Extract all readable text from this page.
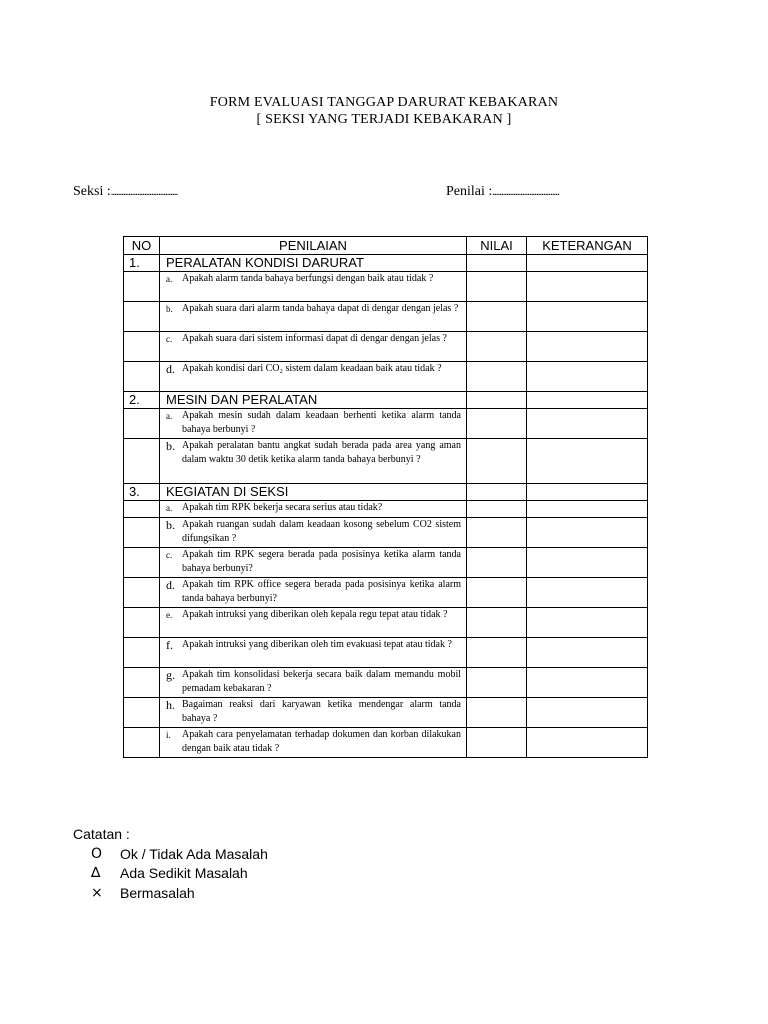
FORM EVALUASI TANGGAP DARURAT KEBAKARAN
[ SEKSI YANG TERJADI KEBAKARAN ]
Seksi :......................................	Penilai :......................................
NO	PENILAIAN	NILAI	KETERANGAN
1.	PERALATAN KONDISI DARURAT		

	a. Apakah alarm tanda bahaya berfungsi dengan baik atau tidak ?		

	b. Apakah suara dari alarm tanda bahaya dapat di dengar dengan jelas ?		

	c. Apakah suara dari sistem informasi dapat di dengar dengan jelas ?		

	d. Apakah kondisi dari CO₂ sistem dalam keadaan baik atau tidak ?		

2.	MESIN DAN PERALATAN		

	a. Apakah mesin sudah dalam keadaan berhenti ketika alarm tanda bahaya berbunyi ?		

	b. Apakah peralatan bantu angkat sudah berada pada area yang aman dalam waktu 30 detik ketika alarm tanda bahaya berbunyi ?		

3.	KEGIATAN DI SEKSI		

	a. Apakah tim RPK bekerja secara serius atau tidak?		

	b. Apakah ruangan sudah dalam keadaan kosong sebelum CO2 sistem difungsikan ?		

	c. Apakah tim RPK segera berada pada posisinya ketika alarm tanda bahaya berbunyi?		

	d. Apakah tim RPK office segera berada pada posisinya ketika alarm tanda bahaya berbunyi?		

	e. Apakah intruksi yang diberikan oleh kepala regu tepat atau tidak ?		

	f. Apakah intruksi yang diberikan oleh tim evakuasi tepat atau tidak ?		

	g. Apakah tim konsolidasi bekerja secara baik dalam memandu mobil pemadam kebakaran ?		

	h. Bagaiman reaksi dari karyawan ketika mendengar alarm tanda bahaya ?		

	i. Apakah cara penyelamatan terhadap dokumen dan korban dilakukan dengan baik atau tidak ?		

Catatan :
O	Ok / Tidak Ada Masalah
∆	Ada Sedikit Masalah
×	Bermasalah
